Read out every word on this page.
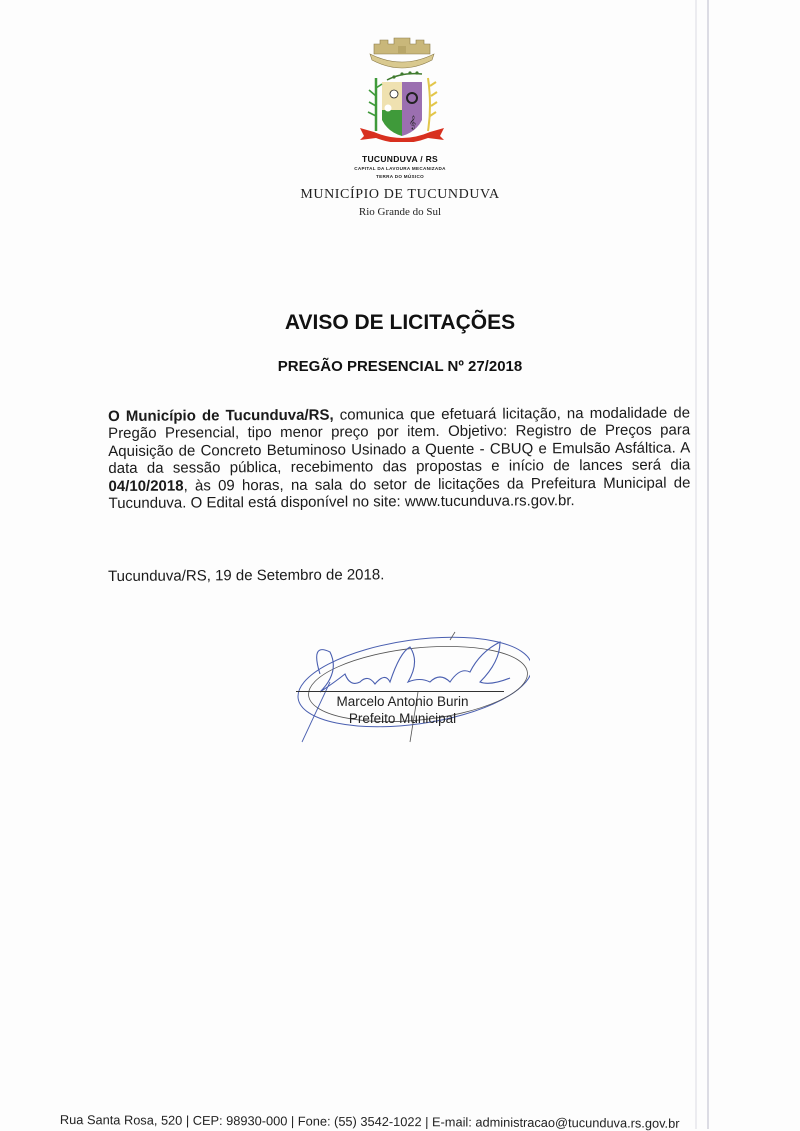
𝄞
TUCUNDUVA / RS
CAPITAL DA LAVOURA MECANIZADA
TERRA DO MÚSICO
MUNICÍPIO DE TUCUNDUVA
Rio Grande do Sul
AVISO DE LICITAÇÕES
PREGÃO PRESENCIAL Nº 27/2018
O Município de Tucunduva/RS, comunica que efetuará licitação, na modalidade de Pregão Presencial, tipo menor preço por item. Objetivo: Registro de Preços para Aquisição de Concreto Betuminoso Usinado a Quente - CBUQ e Emulsão Asfáltica. A data da sessão pública, recebimento das propostas e início de lances será dia 04/10/2018, às 09 horas, na sala do setor de licitações da Prefeitura Municipal de Tucunduva. O Edital está disponível no site: www.tucunduva.rs.gov.br.
Tucunduva/RS, 19 de Setembro de 2018.
Marcelo Antonio Burin
Prefeito Municipal
Rua Santa Rosa, 520 | CEP: 98930-000 | Fone: (55) 3542-1022 | E-mail: administracao@tucunduva.rs.gov.br
